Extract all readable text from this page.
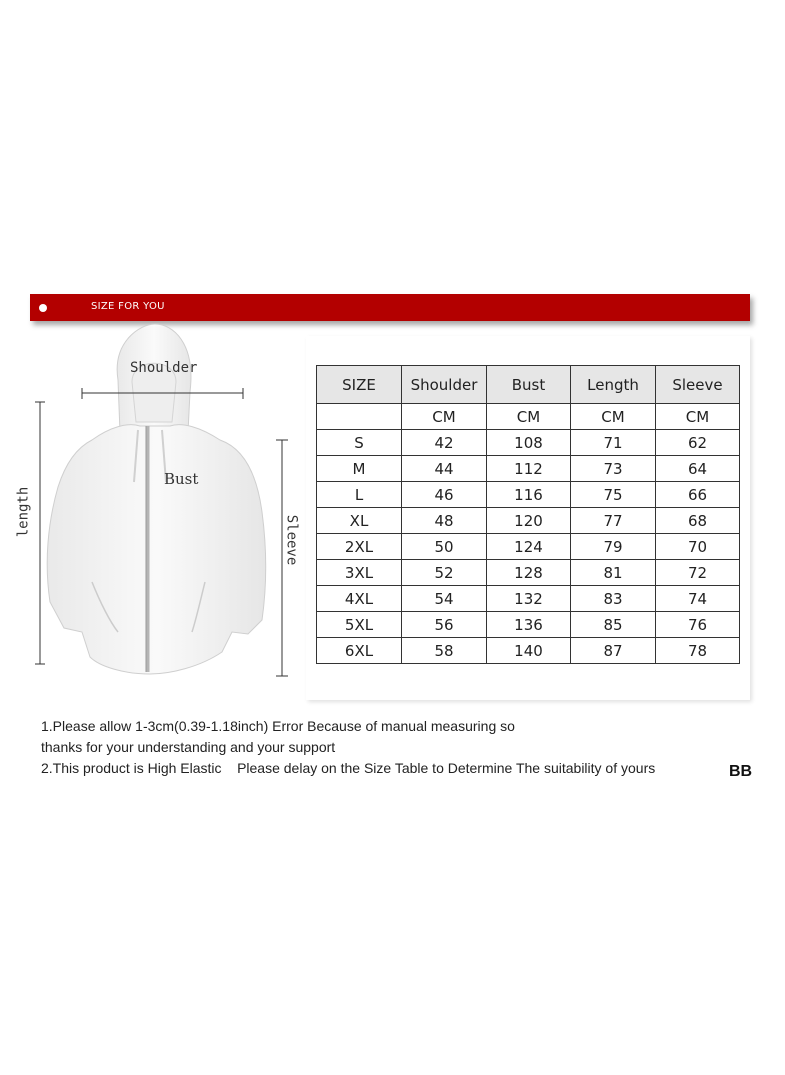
SIZE FOR YOU
Shoulder
Bust
length
Sleeve
SIZE	Shoulder	Bust	Length	Sleeve
	CM	CM	CM	CM
S	42	108	71	62
M	44	112	73	64
L	46	116	75	66
XL	48	120	77	68
2XL	50	124	79	70
3XL	52	128	81	72
4XL	54	132	83	74
5XL	56	136	85	76
6XL	58	140	87	78

1.Please allow 1-3cm(0.39-1.18inch) Error Because of manual measuring so

thanks for your understanding and your support

2.This product is High Elastic    Please delay on the Size Table to Determine The suitability of yours	BB
